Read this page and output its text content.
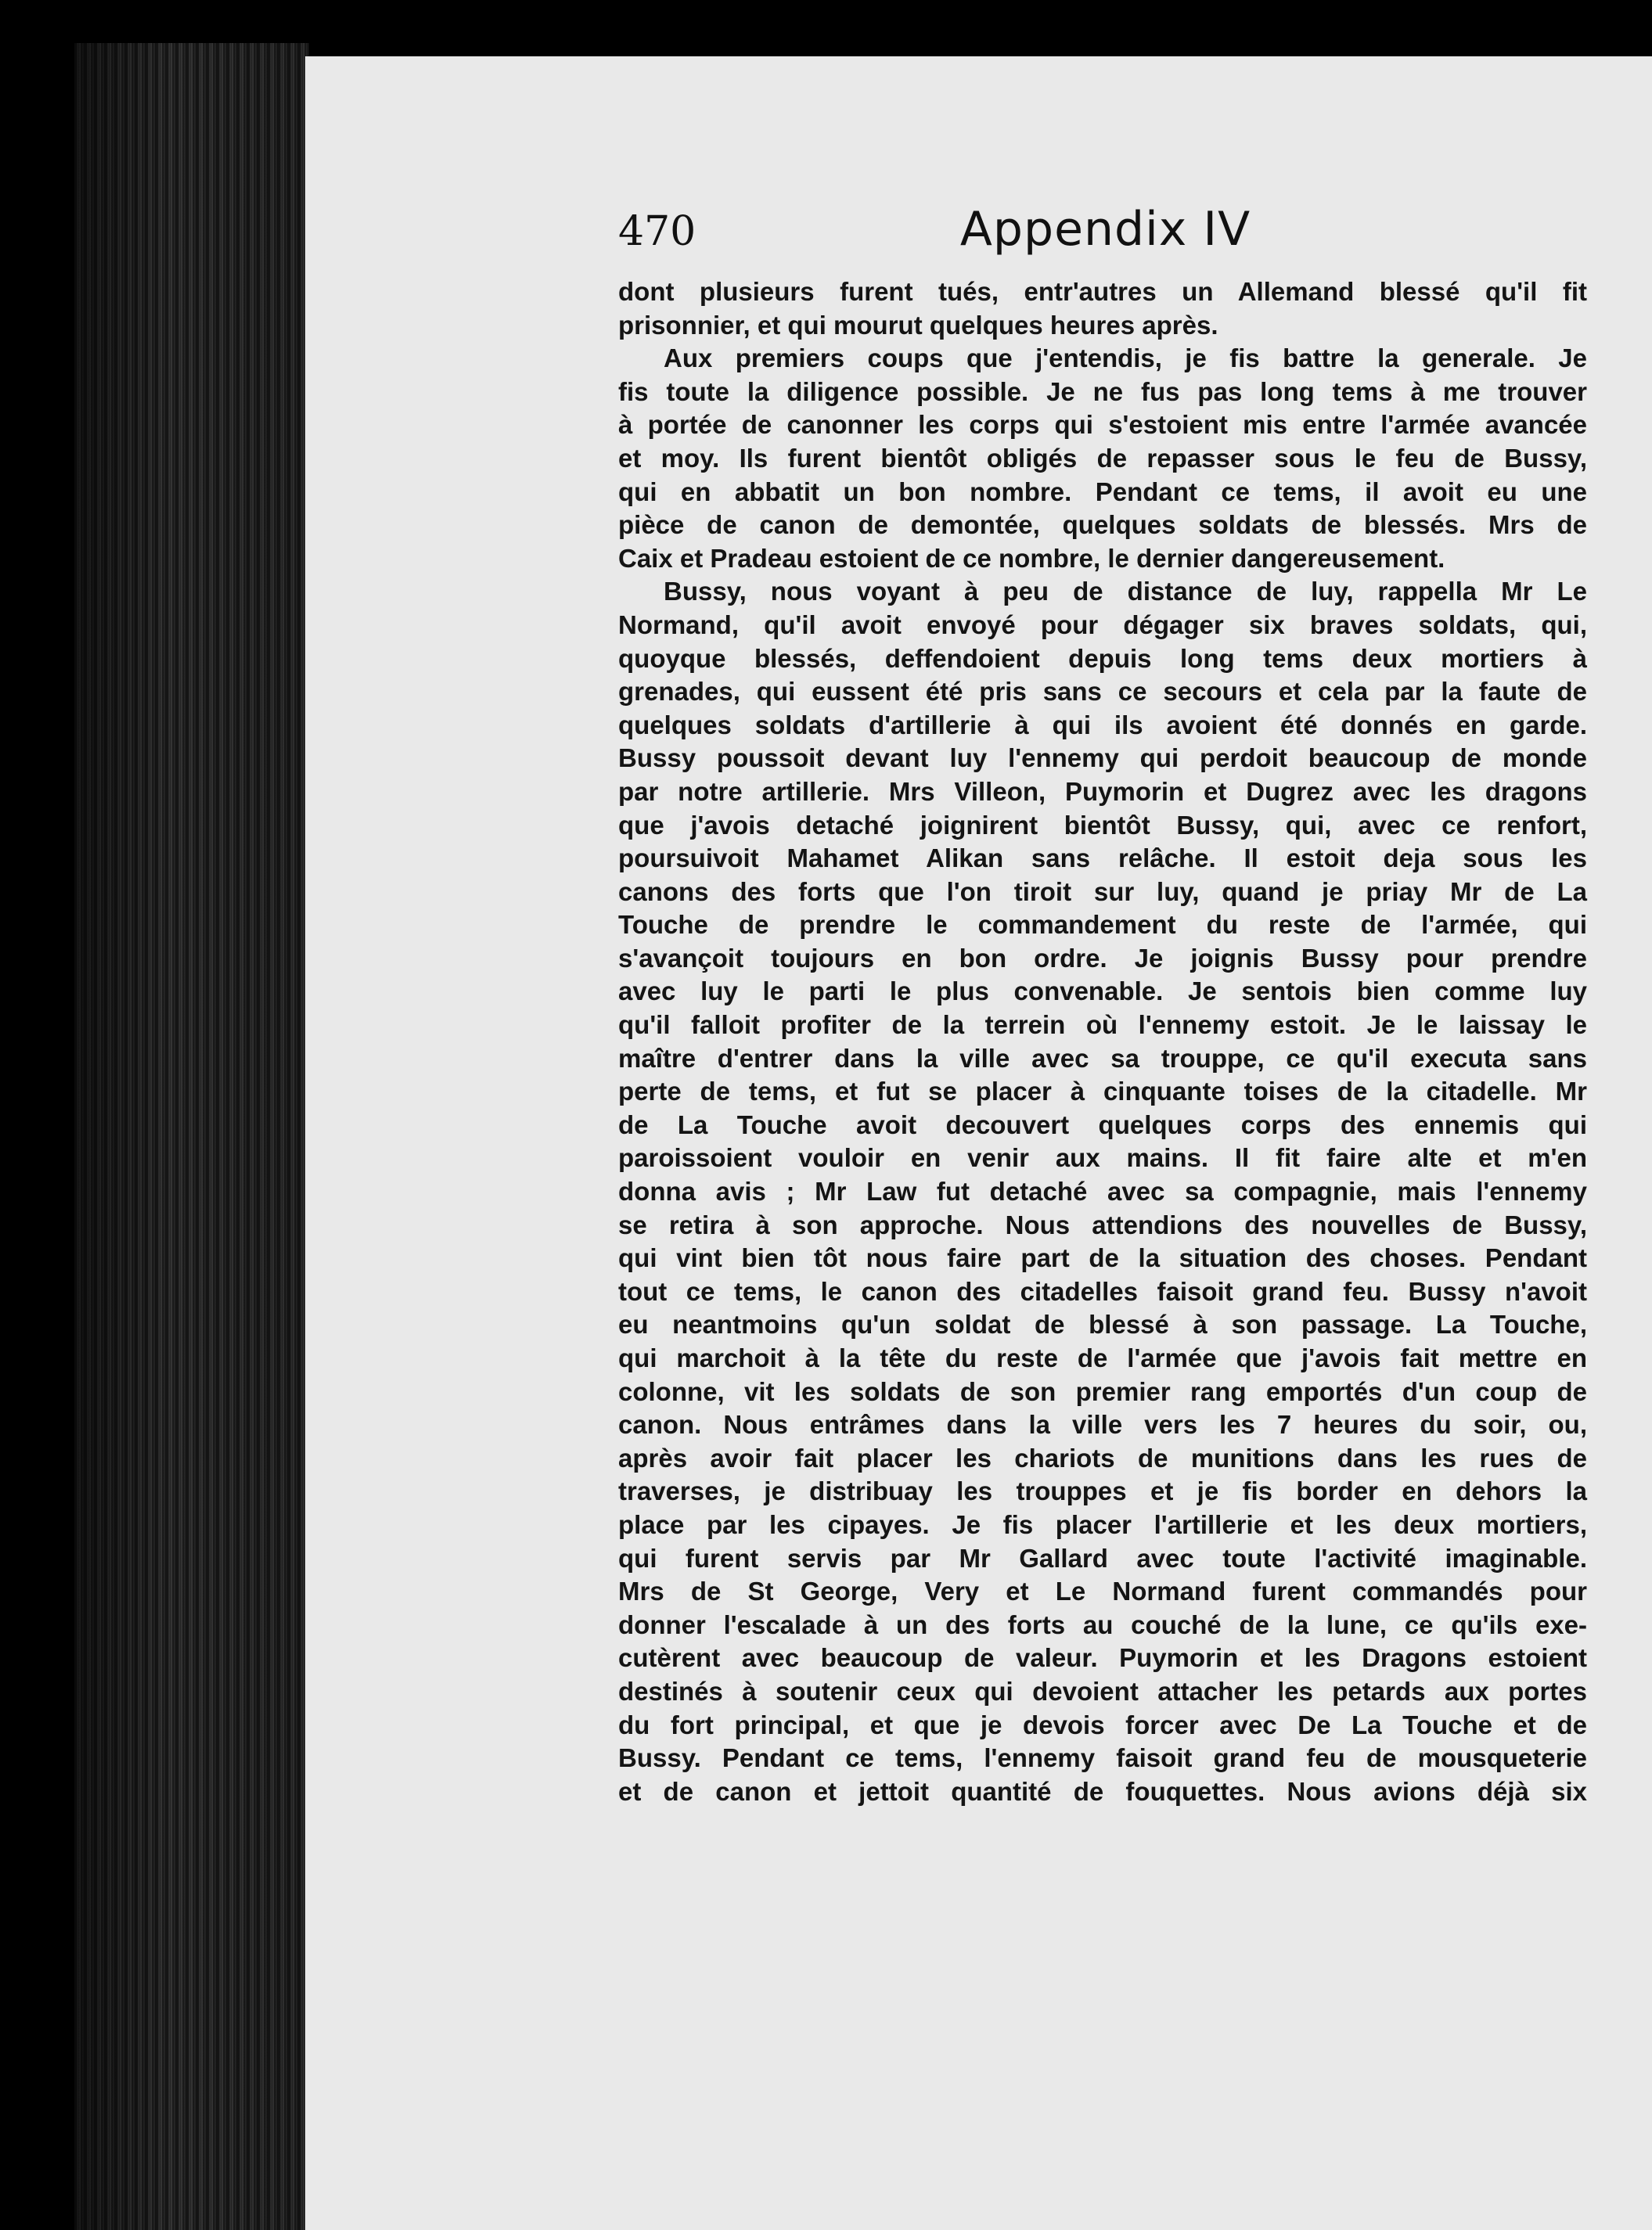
470	Appendix IV
dont plusieurs furent tués, entr'autres un Allemand blessé qu'il fit
prisonnier, et qui mourut quelques heures après.
Aux premiers coups que j'entendis, je fis battre la generale. Je
fis toute la diligence possible. Je ne fus pas long tems à me trouver
à portée de canonner les corps qui s'estoient mis entre l'armée avancée
et moy. Ils furent bientôt obligés de repasser sous le feu de Bussy,
qui en abbatit un bon nombre. Pendant ce tems, il avoit eu une
pièce de canon de demontée, quelques soldats de blessés. Mrs de
Caix et Pradeau estoient de ce nombre, le dernier dangereusement.
Bussy, nous voyant à peu de distance de luy, rappella Mr Le
Normand, qu'il avoit envoyé pour dégager six braves soldats, qui,
quoyque blessés, deffendoient depuis long tems deux mortiers à
grenades, qui eussent été pris sans ce secours et cela par la faute de
quelques soldats d'artillerie à qui ils avoient été donnés en garde.
Bussy poussoit devant luy l'ennemy qui perdoit beaucoup de monde
par notre artillerie. Mrs Villeon, Puymorin et Dugrez avec les dragons
que j'avois detaché joignirent bientôt Bussy, qui, avec ce renfort,
poursuivoit Mahamet Alikan sans relâche. Il estoit deja sous les
canons des forts que l'on tiroit sur luy, quand je priay Mr de La
Touche de prendre le commandement du reste de l'armée, qui
s'avançoit toujours en bon ordre. Je joignis Bussy pour prendre
avec luy le parti le plus convenable. Je sentois bien comme luy
qu'il falloit profiter de la terrein où l'ennemy estoit. Je le laissay le
maître d'entrer dans la ville avec sa trouppe, ce qu'il executa sans
perte de tems, et fut se placer à cinquante toises de la citadelle. Mr
de La Touche avoit decouvert quelques corps des ennemis qui
paroissoient vouloir en venir aux mains. Il fit faire alte et m'en
donna avis ; Mr Law fut detaché avec sa compagnie, mais l'ennemy
se retira à son approche. Nous attendions des nouvelles de Bussy,
qui vint bien tôt nous faire part de la situation des choses. Pendant
tout ce tems, le canon des citadelles faisoit grand feu. Bussy n'avoit
eu neantmoins qu'un soldat de blessé à son passage. La Touche,
qui marchoit à la tête du reste de l'armée que j'avois fait mettre en
colonne, vit les soldats de son premier rang emportés d'un coup de
canon. Nous entrâmes dans la ville vers les 7 heures du soir, ou,
après avoir fait placer les chariots de munitions dans les rues de
traverses, je distribuay les trouppes et je fis border en dehors la
place par les cipayes. Je fis placer l'artillerie et les deux mortiers,
qui furent servis par Mr Gallard avec toute l'activité imaginable.
Mrs de St George, Very et Le Normand furent commandés pour
donner l'escalade à un des forts au couché de la lune, ce qu'ils exe-
cutèrent avec beaucoup de valeur. Puymorin et les Dragons estoient
destinés à soutenir ceux qui devoient attacher les petards aux portes
du fort principal, et que je devois forcer avec De La Touche et de
Bussy. Pendant ce tems, l'ennemy faisoit grand feu de mousqueterie
et de canon et jettoit quantité de fouquettes. Nous avions déjà six
